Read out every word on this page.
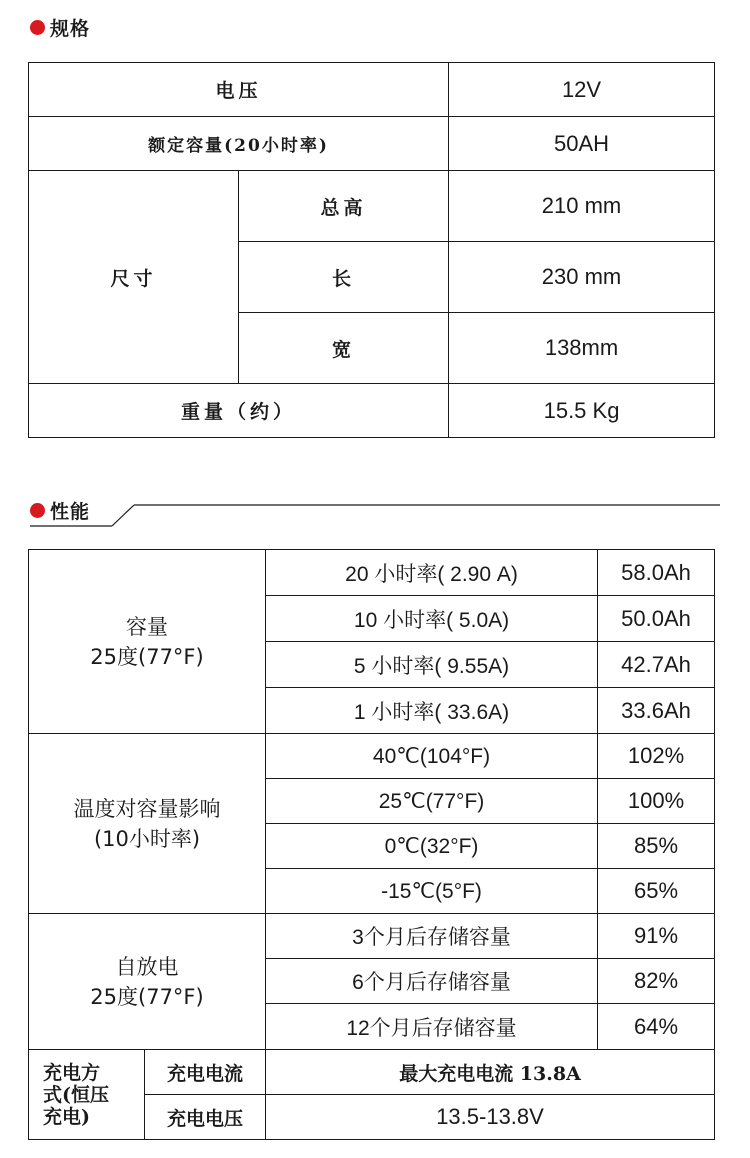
规格
电压		12V
额定容量(20小时率)		50AH
尺寸	总高	210 mm
	长	230 mm
	宽	138mm
重量（约）		15.5 Kg
性能
容量
25度(77°F)		20 小时率( 2.90 A)	58.0Ah
		10 小时率( 5.0A)	50.0Ah
		5 小时率( 9.55A)	42.7Ah
		1 小时率( 33.6A)	33.6Ah

温度对容量影响
(10小时率)		40℃(104°F)	102%
		25℃(77°F)	100%
		0℃(32°F)	85%
		-15℃(5°F)	65%

自放电
25度(77°F)		3个月后存储容量	91%
		6个月后存储容量	82%
		12个月后存储容量	64%

充电方
式(恒压
充电)	充电电流	最大充电电流 13.8A	
	充电电压	13.5-13.8V	
